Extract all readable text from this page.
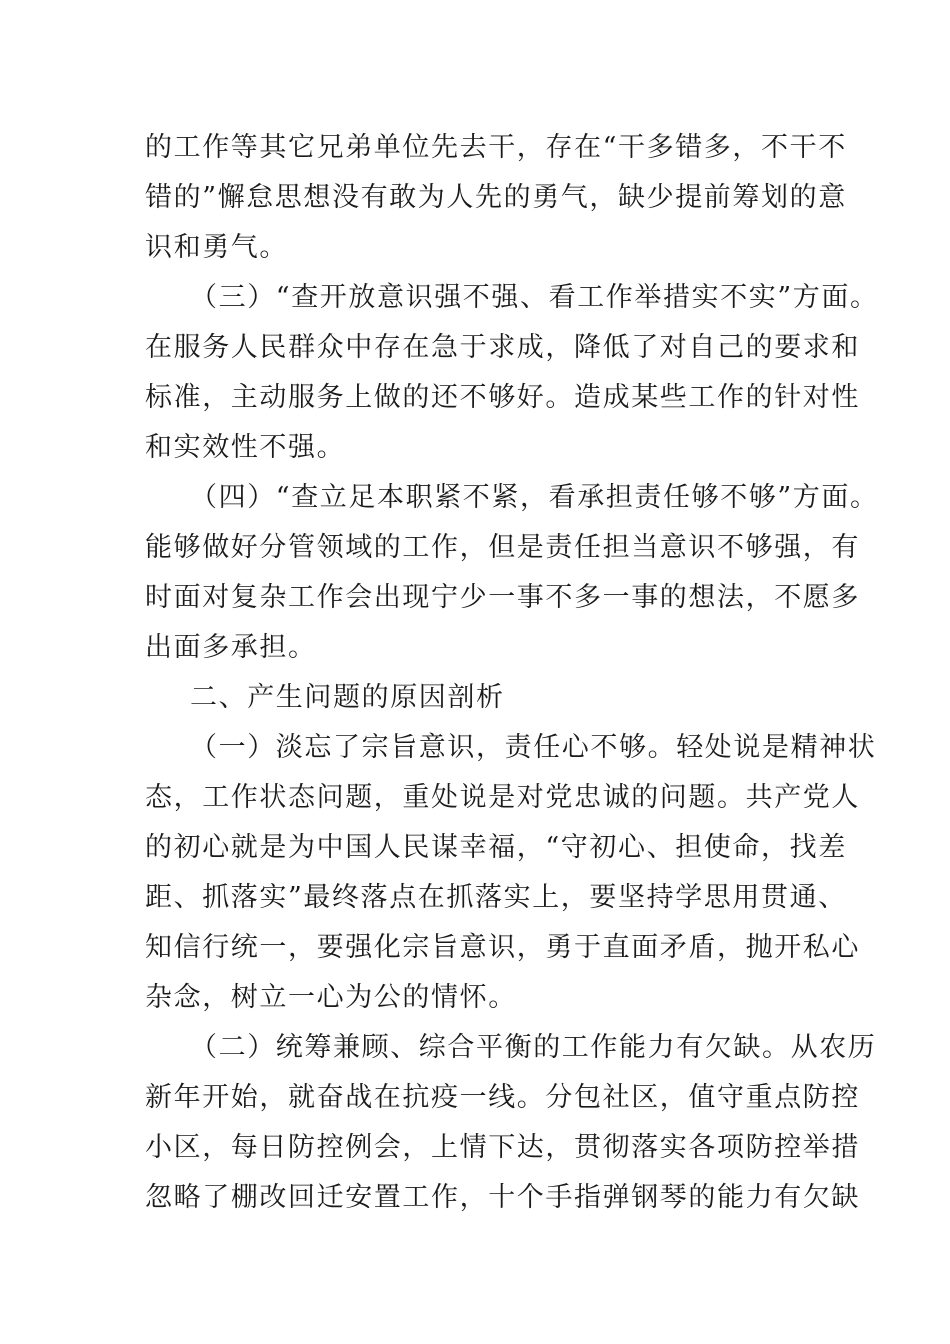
的工作等其它兄弟单位先去干，存在“干多错多，不干不
错的”懈怠思想没有敢为人先的勇气，缺少提前筹划的意
识和勇气。
（三）“查开放意识强不强、看工作举措实不实”方面。
在服务人民群众中存在急于求成，降低了对自己的要求和
标准，主动服务上做的还不够好。造成某些工作的针对性
和实效性不强。
（四）“查立足本职紧不紧，看承担责任够不够”方面。
能够做好分管领域的工作，但是责任担当意识不够强，有
时面对复杂工作会出现宁少一事不多一事的想法，不愿多
出面多承担。
二、产生问题的原因剖析
（一）淡忘了宗旨意识，责任心不够。轻处说是精神状
态，工作状态问题，重处说是对党忠诚的问题。共产党人
的初心就是为中国人民谋幸福，“守初心、担使命，找差
距、抓落实”最终落点在抓落实上，要坚持学思用贯通、
知信行统一，要强化宗旨意识，勇于直面矛盾，抛开私心
杂念，树立一心为公的情怀。
（二）统筹兼顾、综合平衡的工作能力有欠缺。从农历
新年开始，就奋战在抗疫一线。分包社区，值守重点防控
小区，每日防控例会，上情下达，贯彻落实各项防控举措
忽略了棚改回迁安置工作，十个手指弹钢琴的能力有欠缺
